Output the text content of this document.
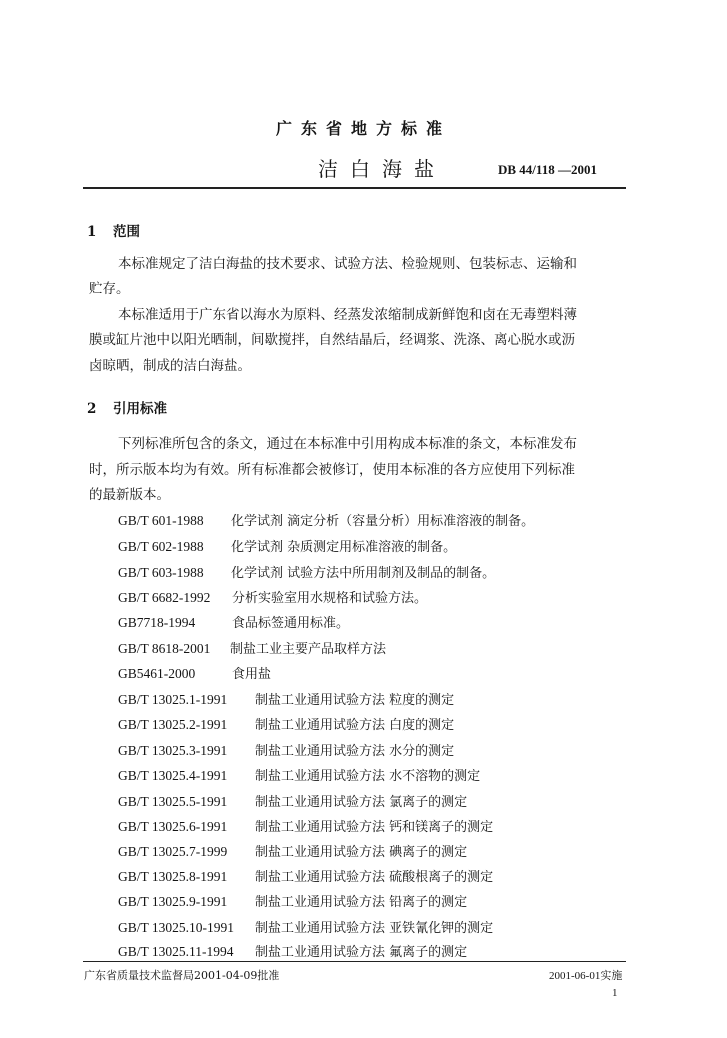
广东省地方标准
洁白海盐	DB 44/118 —2001
1 范围
本标准规定了洁白海盐的技术要求、试验方法、检验规则、包装标志、运输和
贮存。
本标准适用于广东省以海水为原料、经蒸发浓缩制成新鲜饱和卤在无毒塑料薄
膜或缸片池中以阳光晒制，间歇搅拌，自然结晶后，经调浆、洗涤、离心脱水或沥
卤晾晒，制成的洁白海盐。
2 引用标准
下列标准所包含的条文，通过在本标准中引用构成本标准的条文，本标准发布
时，所示版本均为有效。所有标准都会被修订，使用本标准的各方应使用下列标准
的最新版本。
GB/T 601-1988 化学试剂 滴定分析（容量分析）用标准溶液的制备。
GB/T 602-1988 化学试剂 杂质测定用标准溶液的制备。
GB/T 603-1988 化学试剂 试验方法中所用制剂及制品的制备。
GB/T 6682-1992 分析实验室用水规格和试验方法。
GB7718-1994	食品标签通用标准。
GB/T 8618-2001 制盐工业主要产品取样方法
GB5461-2000	食用盐
GB/T 13025.1-1991 制盐工业通用试验方法 粒度的测定
GB/T 13025.2-1991 制盐工业通用试验方法 白度的测定
GB/T 13025.3-1991 制盐工业通用试验方法 水分的测定
GB/T 13025.4-1991 制盐工业通用试验方法 水不溶物的测定
GB/T 13025.5-1991 制盐工业通用试验方法 氯离子的测定
GB/T 13025.6-1991 制盐工业通用试验方法 钙和镁离子的测定
GB/T 13025.7-1999 制盐工业通用试验方法 碘离子的测定
GB/T 13025.8-1991 制盐工业通用试验方法 硫酸根离子的测定
GB/T 13025.9-1991 制盐工业通用试验方法 铅离子的测定
GB/T 13025.10-1991 制盐工业通用试验方法 亚铁氰化钾的测定
GB/T 13025.11-1994 制盐工业通用试验方法 氟离子的测定
广东省质量技术监督局2001-04-09批准	2001-06-01实施
1
